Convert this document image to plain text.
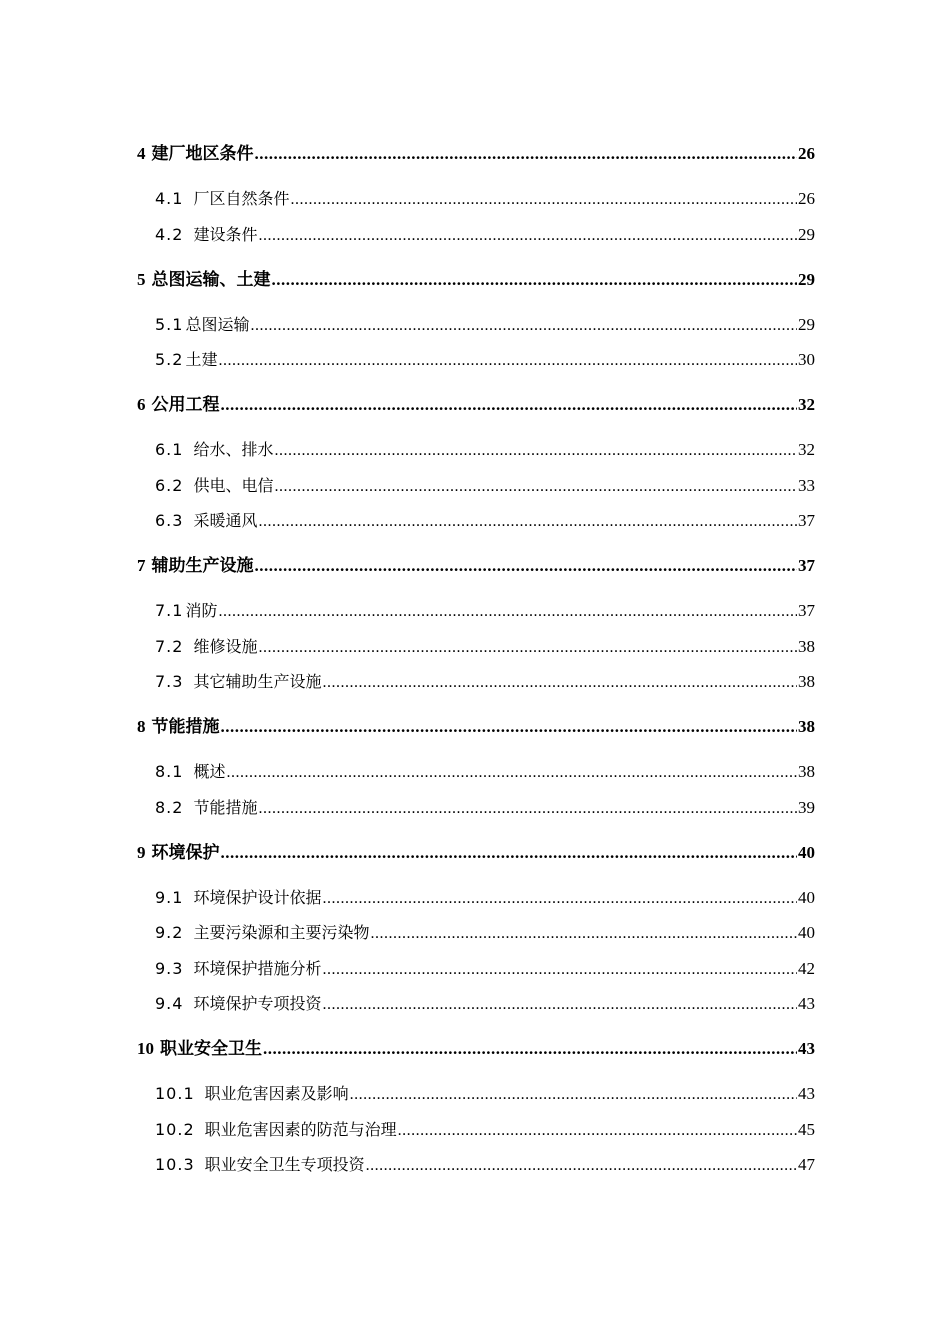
4 建厂地区条件 .....	26
4.1 厂区自然条件 .....	26
4.2 建设条件 .....	29
5 总图运输、土建 .....	29
5.1 总图运输 .....	29
5.2 土建 .....	30
6 公用工程 .....	32
6.1 给水、排水 .....	32
6.2 供电、电信 .....	33
6.3 采暖通风 .....	37
7 辅助生产设施 .....	37
7.1 消防 .....	37
7.2 维修设施 .....	38
7.3 其它辅助生产设施 .....	38
8 节能措施 .....	38
8.1 概述 .....	38
8.2 节能措施 .....	39
9 环境保护 .....	40
9.1 环境保护设计依据 .....	40
9.2 主要污染源和主要污染物 .....	40
9.3 环境保护措施分析 .....	42
9.4 环境保护专项投资 .....	43
10 职业安全卫生 .....	43
10.1 职业危害因素及影响 .....	43
10.2 职业危害因素的防范与治理 .....	45
10.3 职业安全卫生专项投资 .....	47
